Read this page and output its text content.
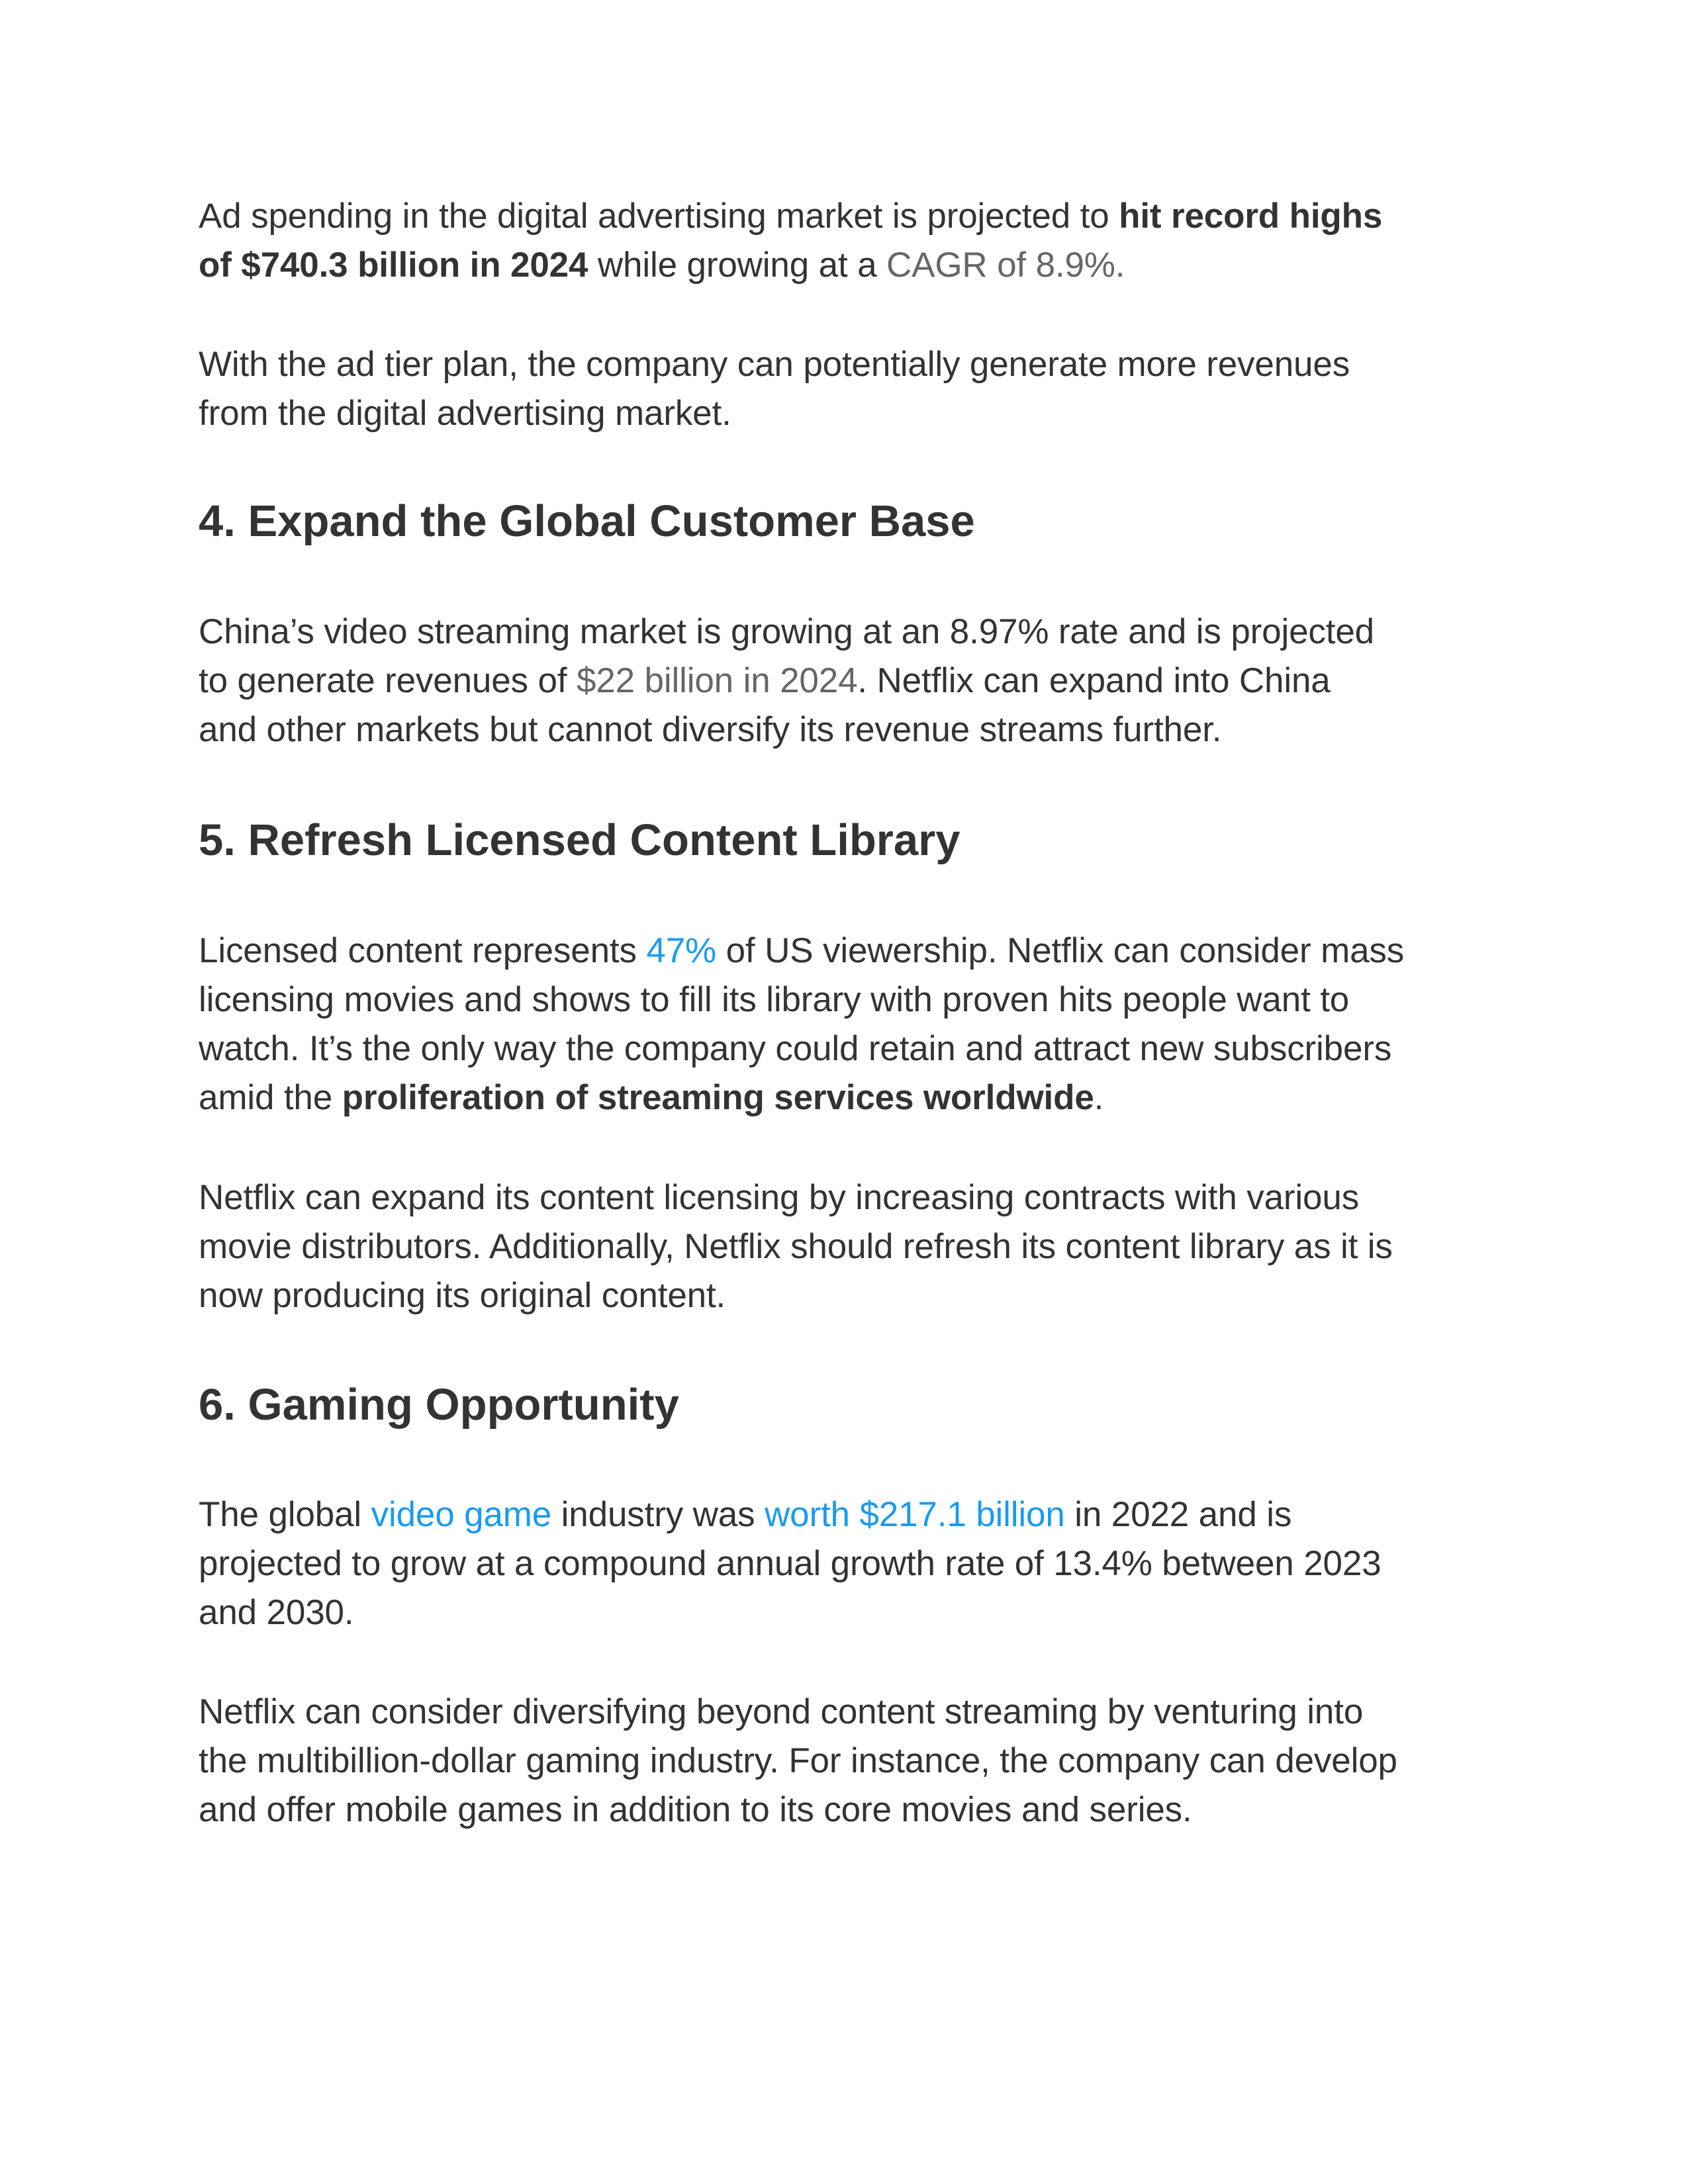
Ad spending in the digital advertising market is projected to hit record highs
of $740.3 billion in 2024 while growing at a CAGR of 8.9%.

With the ad tier plan, the company can potentially generate more revenues
from the digital advertising market.

4. Expand the Global Customer Base

China’s video streaming market is growing at an 8.97% rate and is projected
to generate revenues of $22 billion in 2024. Netflix can expand into China
and other markets but cannot diversify its revenue streams further.

5. Refresh Licensed Content Library

Licensed content represents 47% of US viewership. Netflix can consider mass
licensing movies and shows to fill its library with proven hits people want to
watch. It’s the only way the company could retain and attract new subscribers
amid the proliferation of streaming services worldwide.

Netflix can expand its content licensing by increasing contracts with various
movie distributors. Additionally, Netflix should refresh its content library as it is
now producing its original content.

6. Gaming Opportunity

The global video game industry was worth $217.1 billion in 2022 and is
projected to grow at a compound annual growth rate of 13.4% between 2023
and 2030.

Netflix can consider diversifying beyond content streaming by venturing into
the multibillion-dollar gaming industry. For instance, the company can develop
and offer mobile games in addition to its core movies and series.
